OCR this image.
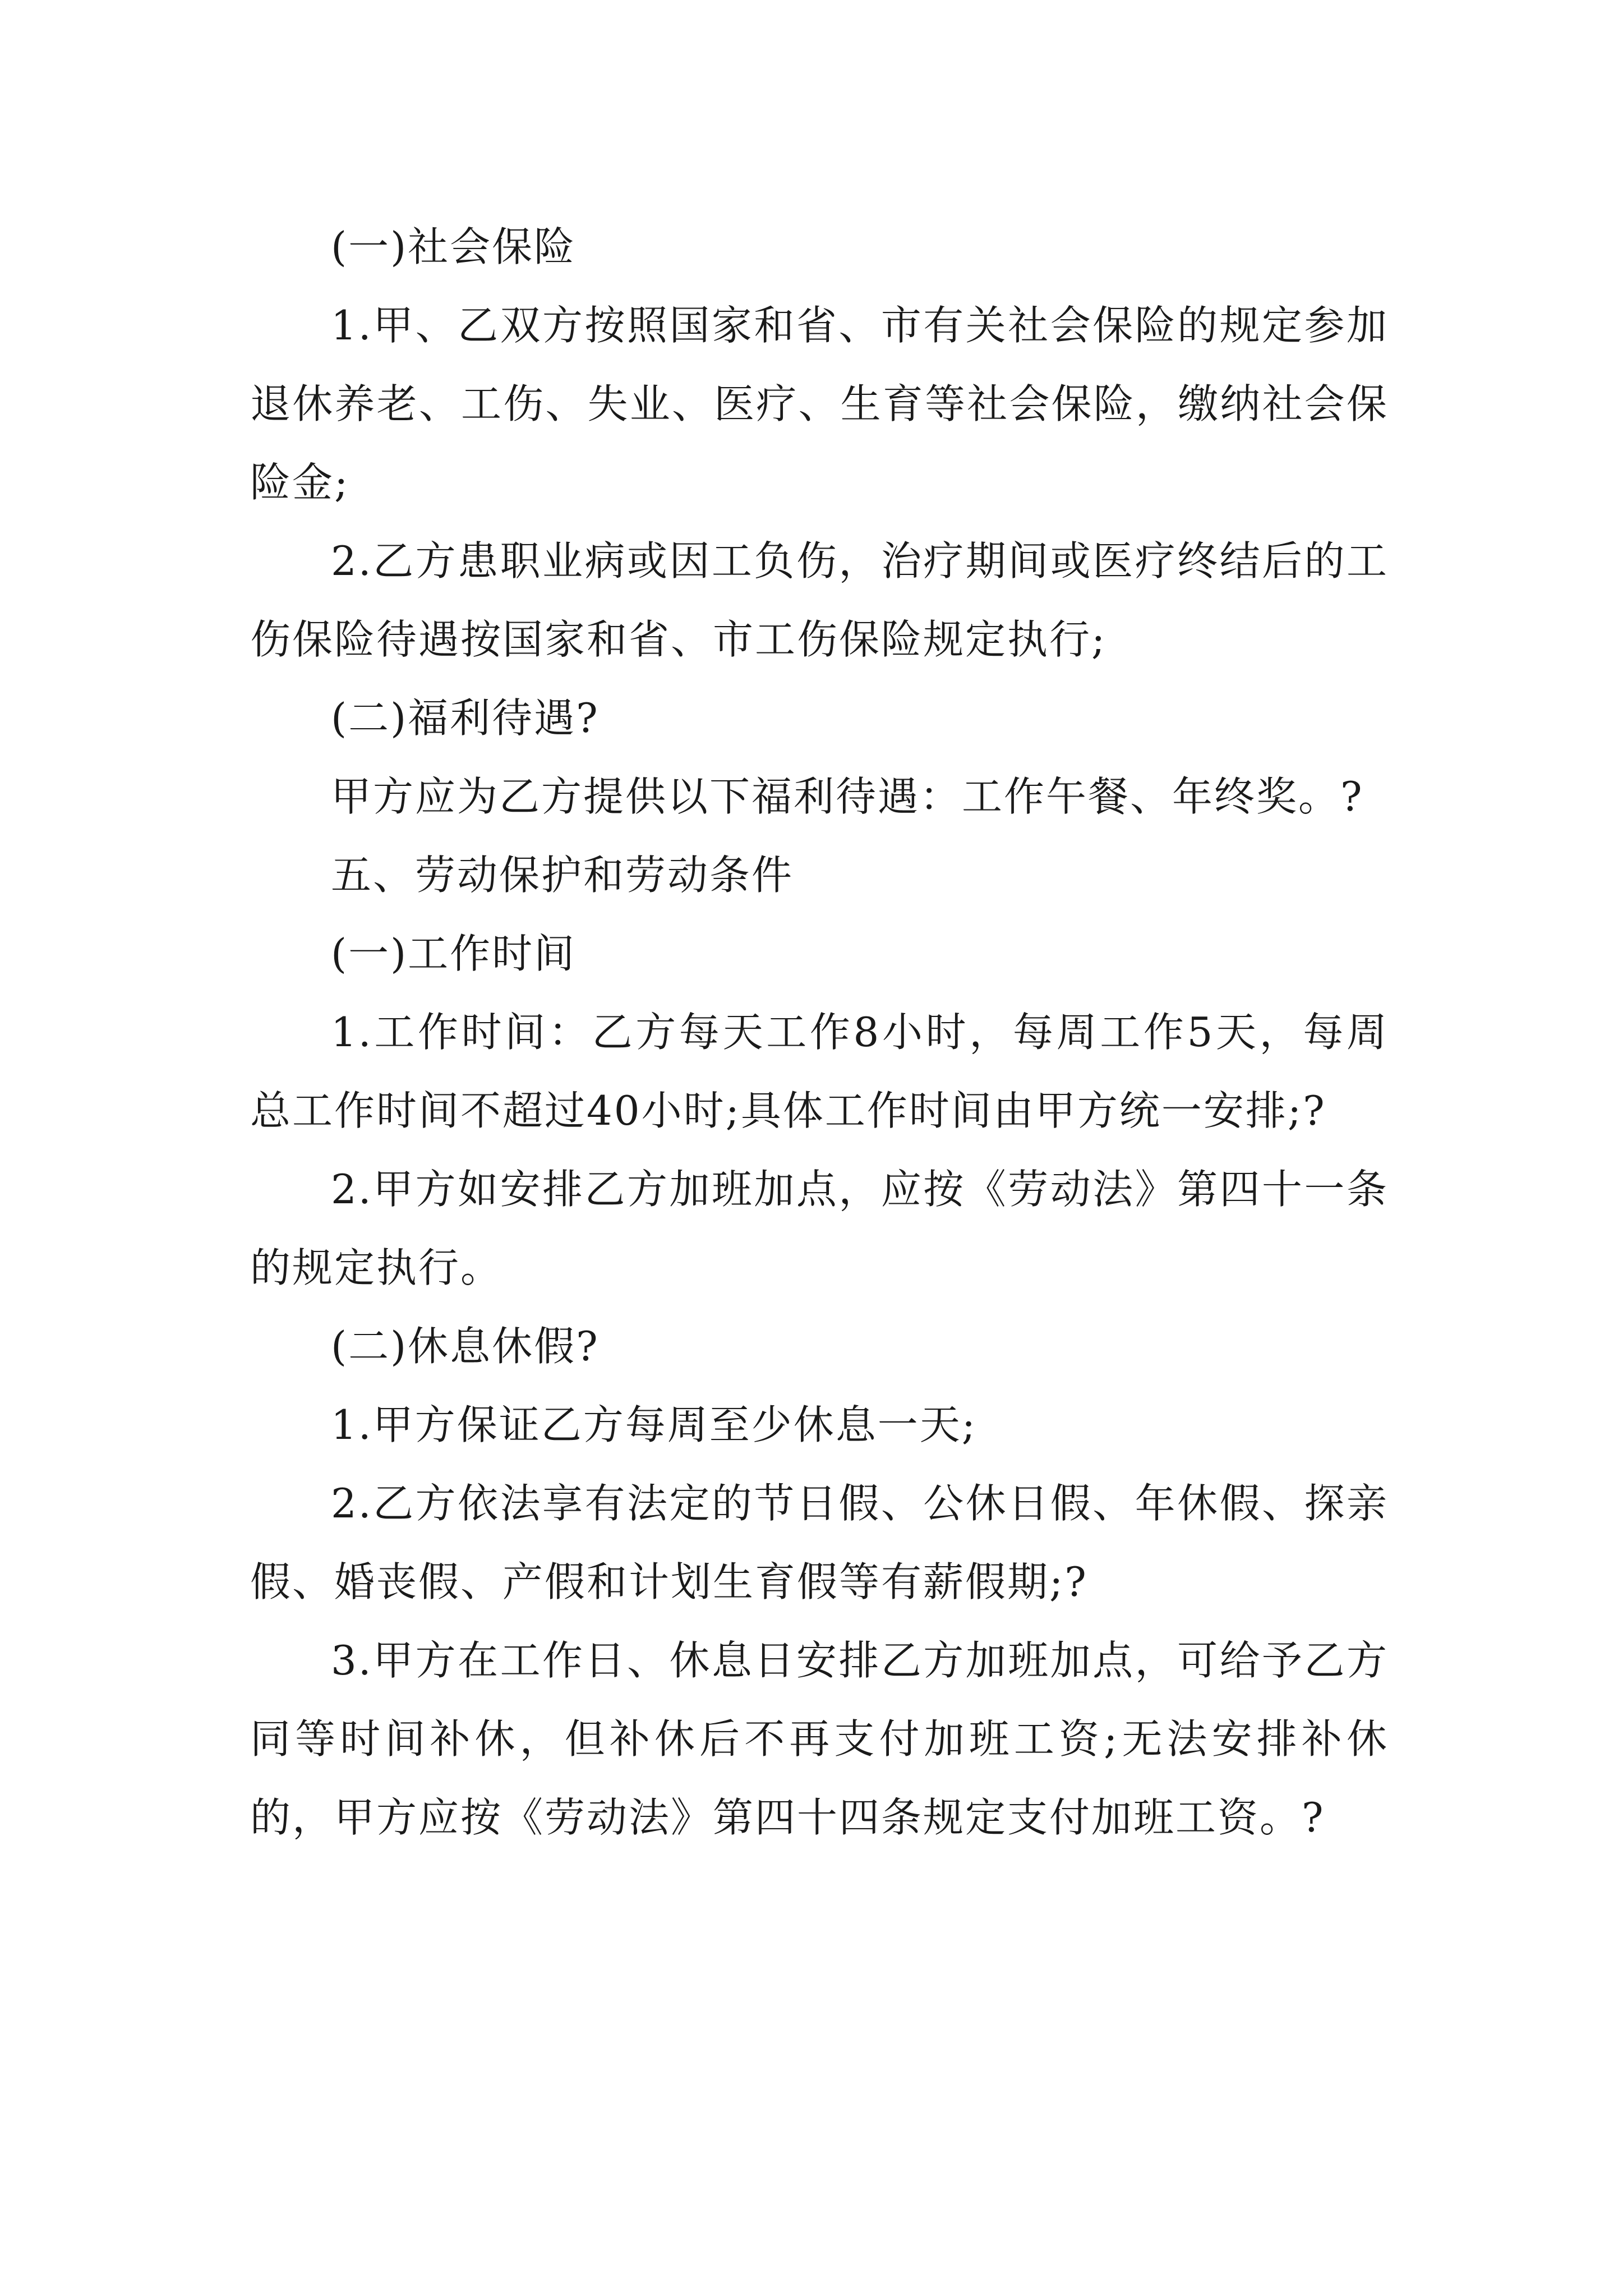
(一)社会保险

1.甲、乙双方按照国家和省、市有关社会保险的规定参加退休养老、工伤、失业、医疗、生育等社会保险，缴纳社会保险金;

2.乙方患职业病或因工负伤，治疗期间或医疗终结后的工伤保险待遇按国家和省、市工伤保险规定执行;

(二)福利待遇?

甲方应为乙方提供以下福利待遇：工作午餐、年终奖。?

五、劳动保护和劳动条件

(一)工作时间

1.工作时间：乙方每天工作8小时，每周工作5天，每周总工作时间不超过40小时;具体工作时间由甲方统一安排;?

2.甲方如安排乙方加班加点，应按《劳动法》第四十一条的规定执行。

(二)休息休假?

1.甲方保证乙方每周至少休息一天;

2.乙方依法享有法定的节日假、公休日假、年休假、探亲假、婚丧假、产假和计划生育假等有薪假期;?

3.甲方在工作日、休息日安排乙方加班加点，可给予乙方同等时间补休，但补休后不再支付加班工资;无法安排补休的，甲方应按《劳动法》第四十四条规定支付加班工资。?
